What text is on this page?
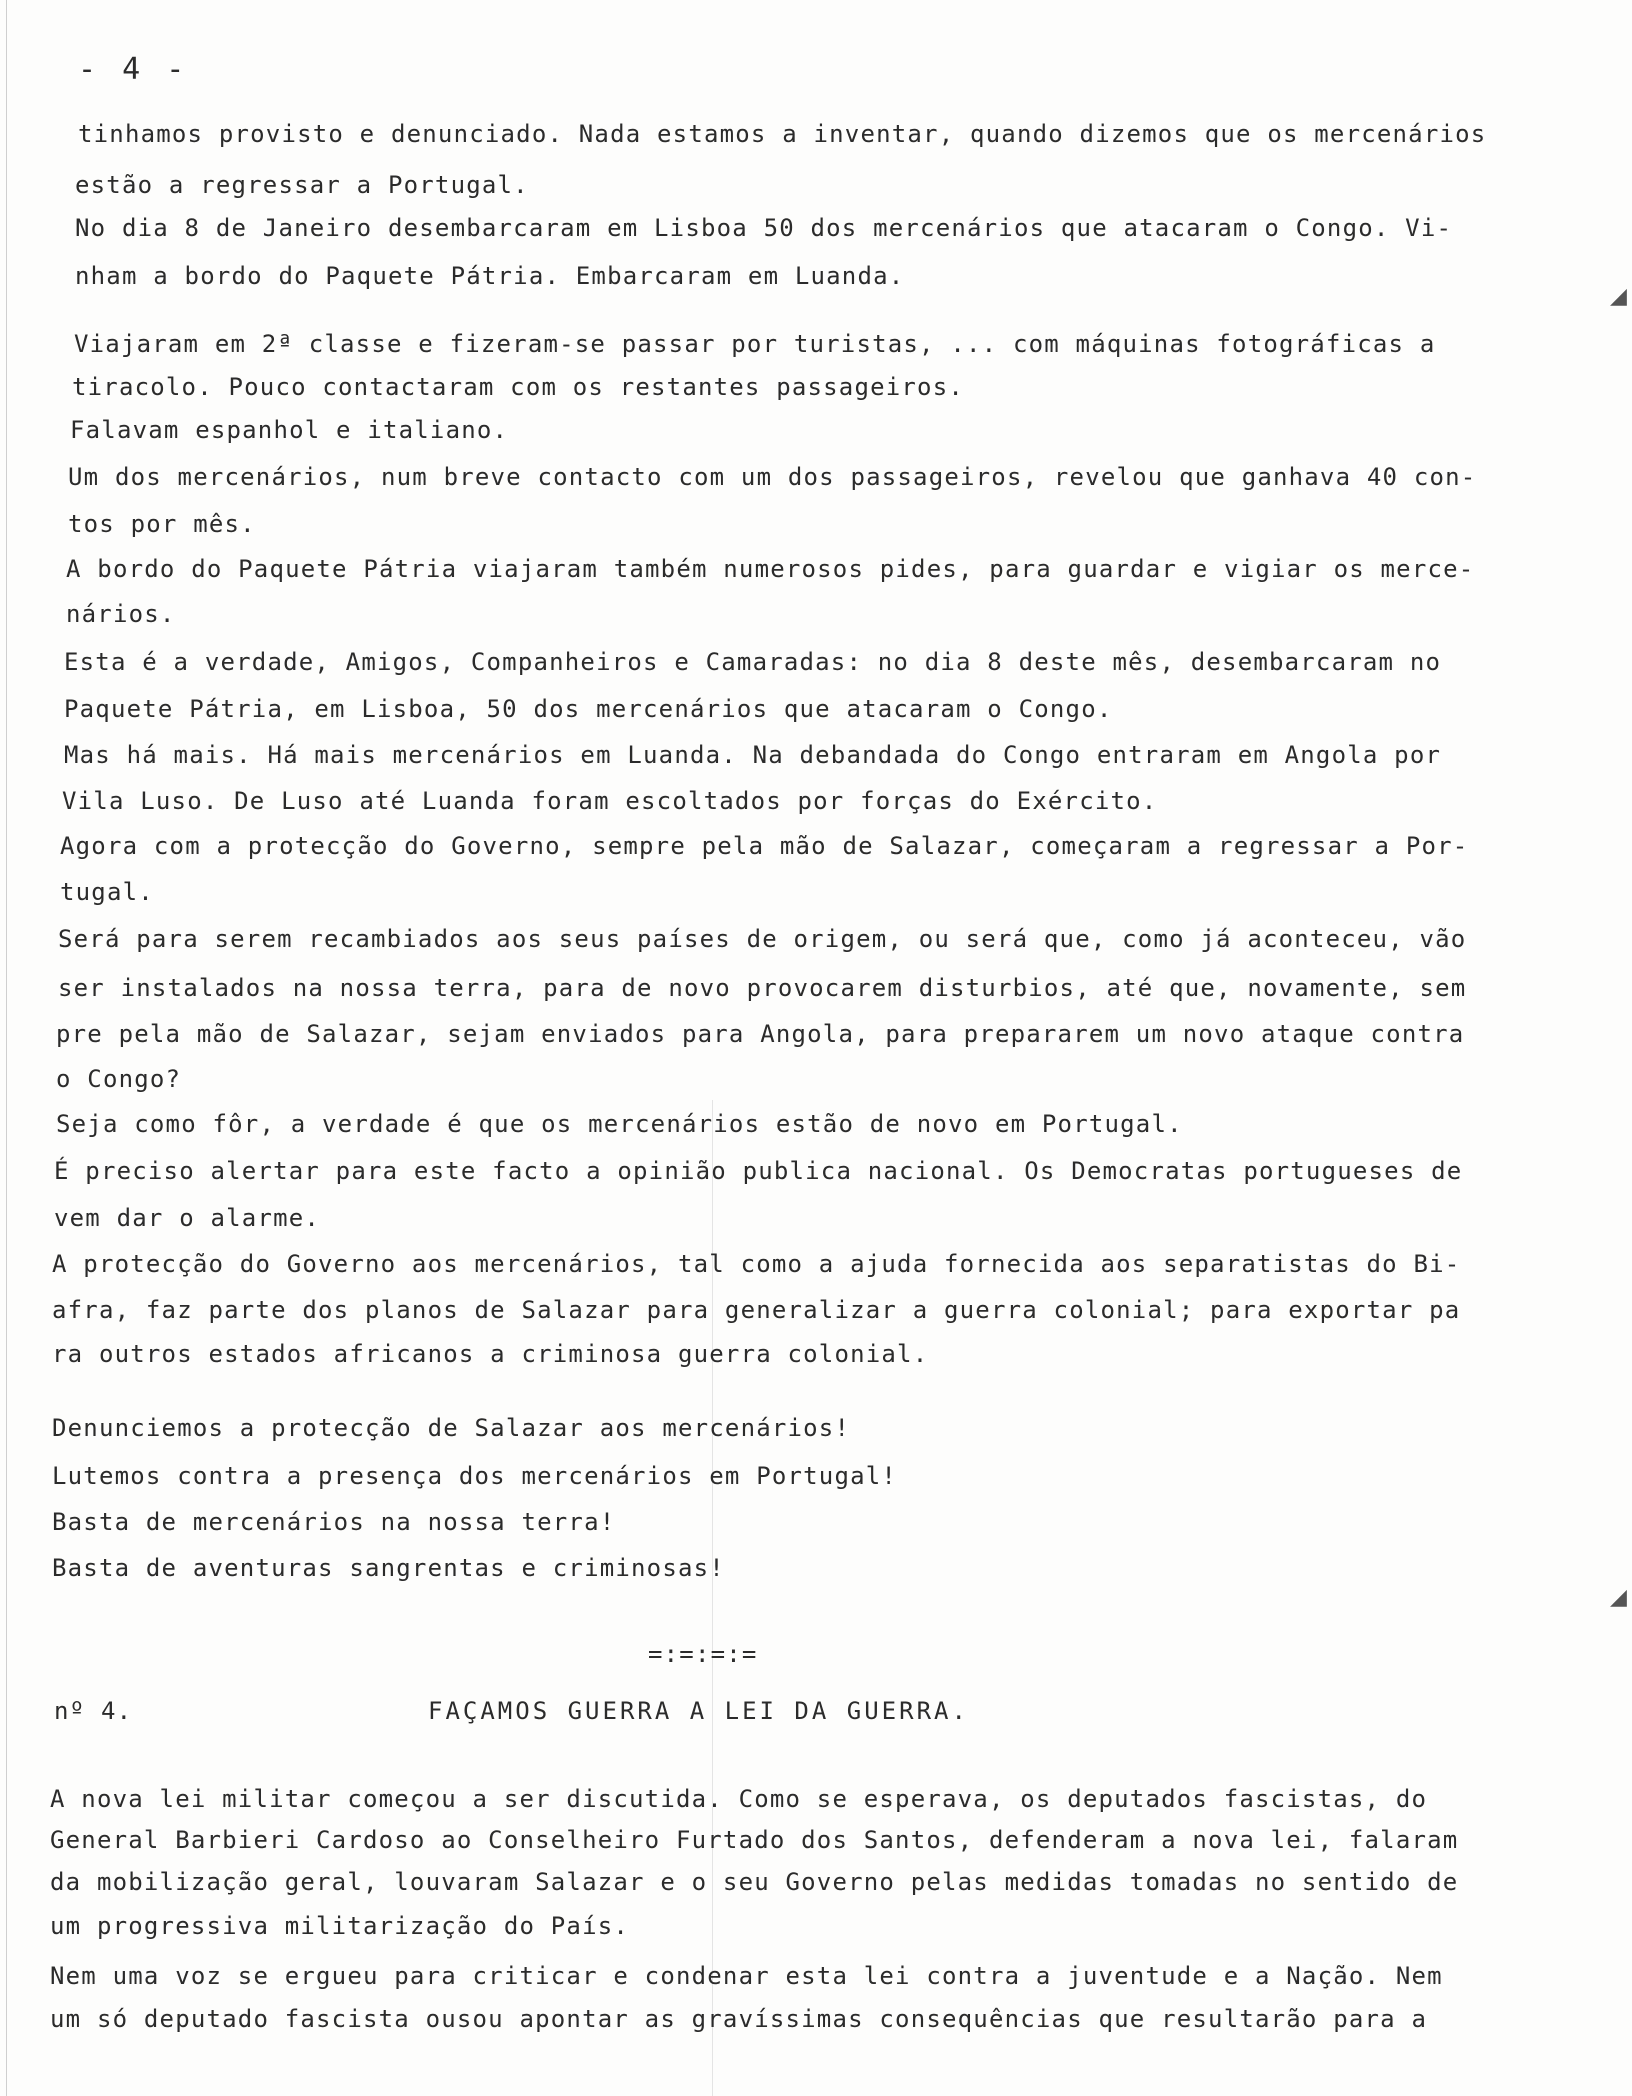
- 4 -
tinhamos provisto e denunciado. Nada estamos a inventar, quando dizemos que os mercenários
estão a regressar a Portugal.
No dia 8 de Janeiro desembarcaram em Lisboa 50 dos mercenários que atacaram o Congo. Vi-
nham a bordo do Paquete Pátria. Embarcaram em Luanda.
Viajaram em 2ª classe e fizeram-se passar por turistas, ... com máquinas fotográficas a
tiracolo. Pouco contactaram com os restantes passageiros.
Falavam espanhol e italiano.
Um dos mercenários, num breve contacto com um dos passageiros, revelou que ganhava 40 con-
tos por mês.
A bordo do Paquete Pátria viajaram também numerosos pides, para guardar e vigiar os merce-
nários.
Esta é a verdade, Amigos, Companheiros e Camaradas: no dia 8 deste mês, desembarcaram no
Paquete Pátria, em Lisboa, 50 dos mercenários que atacaram o Congo.
Mas há mais. Há mais mercenários em Luanda. Na debandada do Congo entraram em Angola por
Vila Luso. De Luso até Luanda foram escoltados por forças do Exército.
Agora com a protecção do Governo, sempre pela mão de Salazar, começaram a regressar a Por-
tugal.
Será para serem recambiados aos seus países de origem, ou será que, como já aconteceu, vão
ser instalados na nossa terra, para de novo provocarem disturbios, até que, novamente, sem
pre pela mão de Salazar, sejam enviados para Angola, para prepararem um novo ataque contra
o Congo?
Seja como fôr, a verdade é que os mercenários estão de novo em Portugal.
É preciso alertar para este facto a opinião publica nacional. Os Democratas portugueses de
vem dar o alarme.
A protecção do Governo aos mercenários, tal como a ajuda fornecida aos separatistas do Bi-
afra, faz parte dos planos de Salazar para generalizar a guerra colonial; para exportar pa
ra outros estados africanos a criminosa guerra colonial.
Denunciemos a protecção de Salazar aos mercenários!
Lutemos contra a presença dos mercenários em Portugal!
Basta de mercenários na nossa terra!
Basta de aventuras sangrentas e criminosas!
=:=:=:=
nº 4.	FAÇAMOS GUERRA A LEI DA GUERRA.
A nova lei militar começou a ser discutida. Como se esperava, os deputados fascistas, do
General Barbieri Cardoso ao Conselheiro Furtado dos Santos, defenderam a nova lei, falaram
da mobilização geral, louvaram Salazar e o seu Governo pelas medidas tomadas no sentido de
um progressiva militarização do País.
Nem uma voz se ergueu para criticar e condenar esta lei contra a juventude e a Nação. Nem
um só deputado fascista ousou apontar as gravíssimas consequências que resultarão para a
◢
◢
